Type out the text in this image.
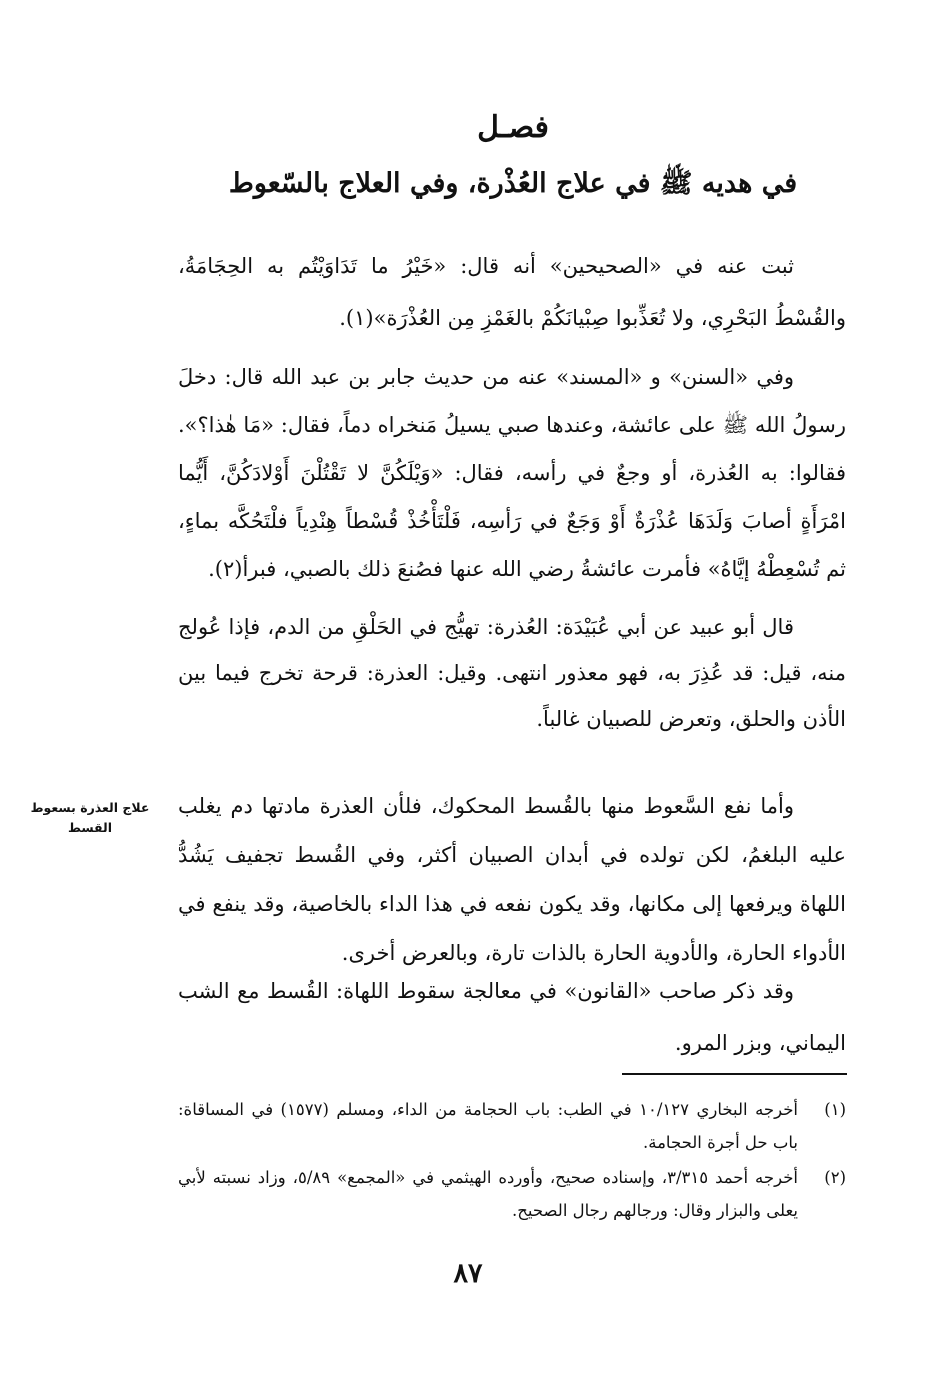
فصـل
في هديه ﷺ في علاج العُذْرة، وفي العلاج بالسّعوط

ثبت عنه في «الصحيحين» أنه قال: «خَيْرُ ما تَدَاوَيْتُم به الحِجَامَةُ، والقُسْطُ البَحْرِي، ولا تُعَذِّبوا صِبْيانَكُمْ بالغَمْزِ مِن العُذْرَة»(١).

وفي «السنن» و «المسند» عنه من حديث جابر بن عبد الله قال: دخلَ رسولُ الله ﷺ على عائشة، وعندها صبي يسيلُ مَنخراه دماً، فقال: «مَا هٰذا؟». فقالوا: به العُذرة، أو وجعٌ في رأسه، فقال: «وَيْلَكُنَّ لا تَقْتُلْنَ أَوْلادَكُنَّ، أَيُّما امْرَأَةٍ أصابَ وَلَدَهَا عُذْرَةٌ أَوْ وَجَعٌ في رَأسِه، فَلْتَأْخُذْ قُسْطاً هِنْدِياً فلْتَحُكَّه بماءٍ، ثم تُسْعِطْهُ إيَّاهُ» فأمرت عائشةُ رضي الله عنها فصُنعَ ذلك بالصبي، فبرأ(٢).

قال أبو عبيد عن أبي عُبَيْدَة: العُذرة: تهيُّج في الحَلْقِ من الدم، فإذا عُولج منه، قيل: قد عُذِرَ به، فهو معذور انتهى. وقيل: العذرة: قرحة تخرج فيما بين الأذن والحلق، وتعرض للصبيان غالباً.

وأما نفع السَّعوط منها بالقُسط المحكوك، فلأن العذرة مادتها دم يغلب عليه البلغمُ، لكن تولده في أبدان الصبيان أكثر، وفي القُسط تجفيف يَشُدُّ اللهاة ويرفعها إلى مكانها، وقد يكون نفعه في هذا الداء بالخاصية، وقد ينفع في الأدواء الحارة، والأدوية الحارة بالذات تارة، وبالعرض أخرى.

وقد ذكر صاحب «القانون» في معالجة سقوط اللهاة: القُسط مع الشب اليماني، وبزر المرو.

علاج العذرة بسعوط القسط
(١)
أخرجه البخاري ١٠/١٢٧ في الطب: باب الحجامة من الداء، ومسلم (١٥٧٧) في المساقاة: باب حل أجرة الحجامة.
(٢)
أخرجه أحمد ٣/٣١٥، وإسناده صحيح، وأورده الهيثمي في «المجمع» ٥/٨٩، وزاد نسبته لأبي يعلى والبزار وقال: ورجالهم رجال الصحيح.
٨٧
